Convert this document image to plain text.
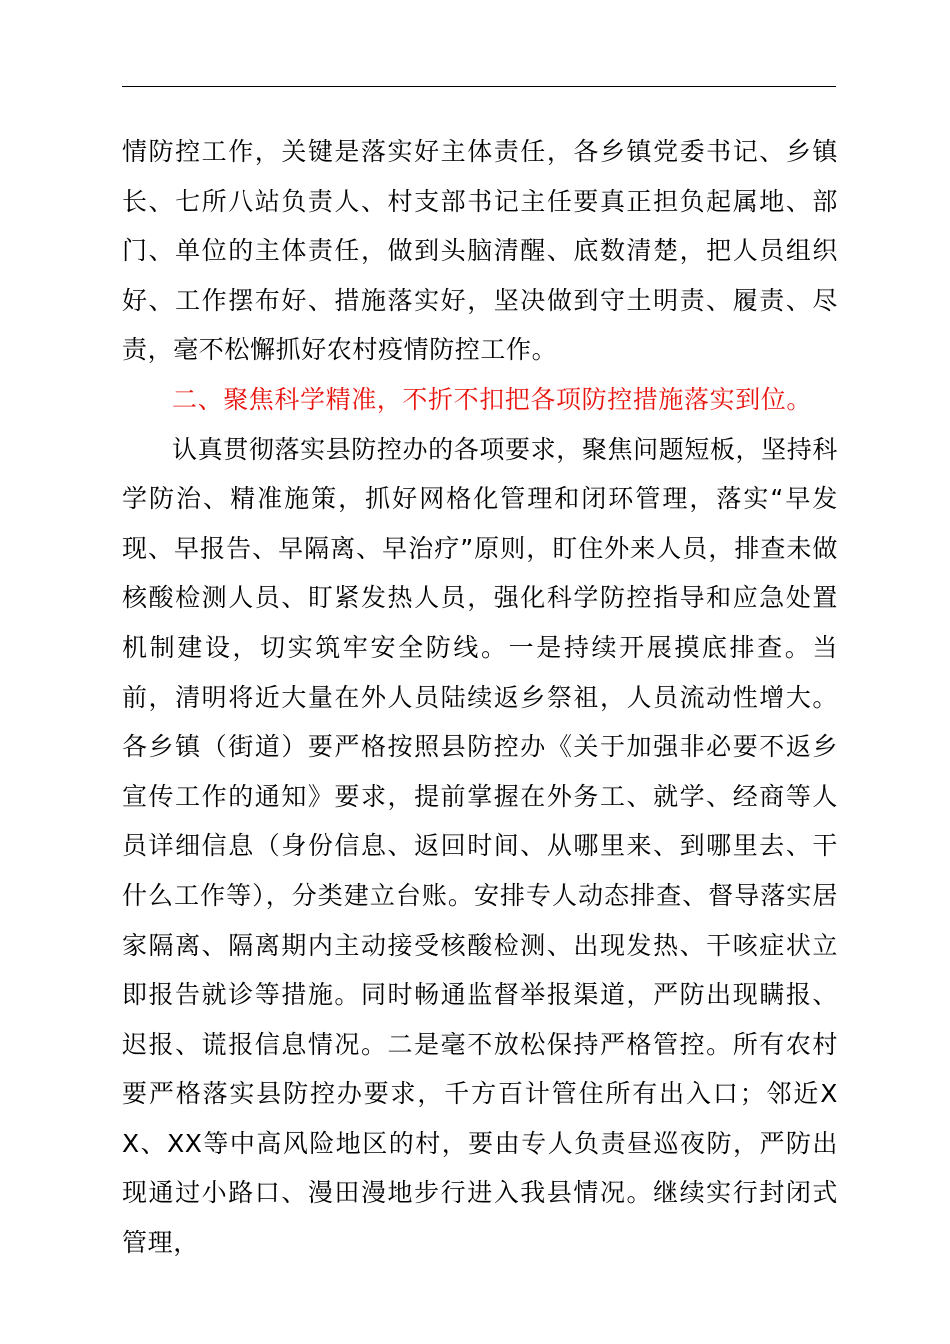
情防控工作，关键是落实好主体责任，各乡镇党委书记、乡镇长、七所八站负责人、村支部书记主任要真正担负起属地、部门、单位的主体责任，做到头脑清醒、底数清楚，把人员组织好、工作摆布好、措施落实好，坚决做到守土明责、履责、尽责，毫不松懈抓好农村疫情防控工作。

二、聚焦科学精准，不折不扣把各项防控措施落实到位。

认真贯彻落实县防控办的各项要求，聚焦问题短板，坚持科学防治、精准施策，抓好网格化管理和闭环管理，落实“早发现、早报告、早隔离、早治疗”原则，盯住外来人员，排查未做核酸检测人员、盯紧发热人员，强化科学防控指导和应急处置机制建设，切实筑牢安全防线。一是持续开展摸底排查。当前，清明将近大量在外人员陆续返乡祭祖，人员流动性增大。各乡镇（街道）要严格按照县防控办《关于加强非必要不返乡宣传工作的通知》要求，提前掌握在外务工、就学、经商等人员详细信息（身份信息、返回时间、从哪里来、到哪里去、干什么工作等），分类建立台账。安排专人动态排查、督导落实居家隔离、隔离期内主动接受核酸检测、出现发热、干咳症状立即报告就诊等措施。同时畅通监督举报渠道，严防出现瞒报、迟报、谎报信息情况。二是毫不放松保持严格管控。所有农村要严格落实县防控办要求，千方百计管住所有出入口；邻近XX、XX等中高风险地区的村，要由专人负责昼巡夜防，严防出现通过小路口、漫田漫地步行进入我县情况。继续实行封闭式管理，
